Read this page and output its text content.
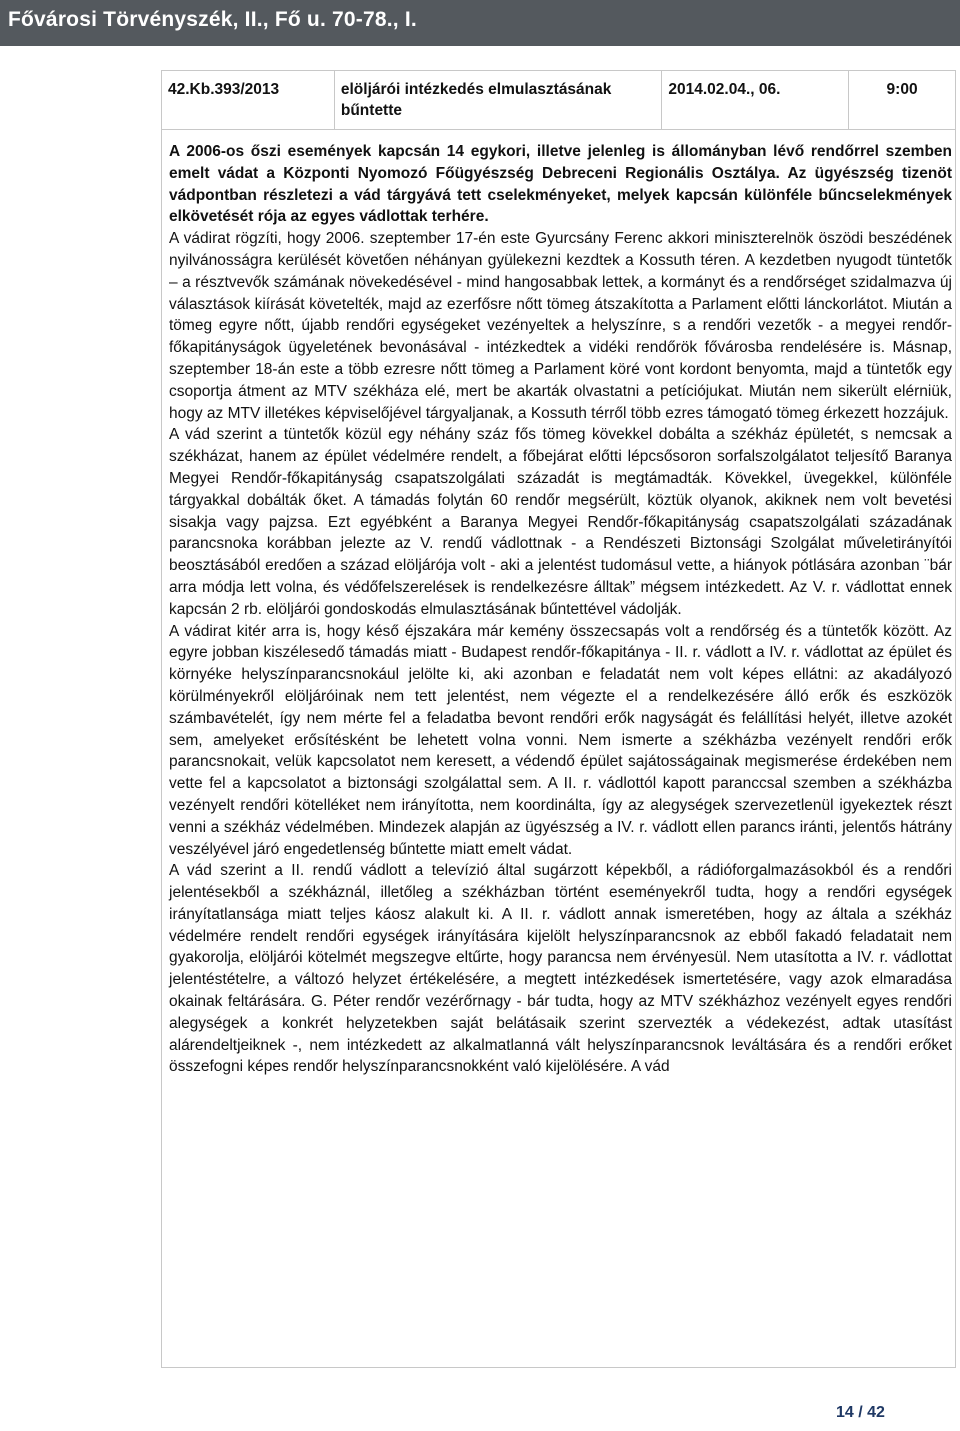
Fővárosi Törvényszék, II., Fő u. 70-78., I.
42.Kb.393/2013	elöljárói intézkedés elmulasztásának bűntette	2014.02.04., 06.	9:00

A 2006-os őszi események kapcsán 14 egykori, illetve jelenleg is állományban lévő rendőrrel szemben emelt vádat a Központi Nyomozó Főügyészség Debreceni Regionális Osztálya. Az ügyészség tizenöt vádpontban részletezi a vád tárgyává tett cselekményeket, melyek kapcsán különféle bűncselekmények elkövetését rója az egyes vádlottak terhére.

A vádirat rögzíti, hogy 2006. szeptember 17-én este Gyurcsány Ferenc akkori miniszterelnök öszödi beszédének nyilvánosságra kerülését követően néhányan gyülekezni kezdtek a Kossuth téren. A kezdetben nyugodt tüntetők – a résztvevők számának növekedésével - mind hangosabbak lettek, a kormányt és a rendőrséget szidalmazva új választások kiírását követelték, majd az ezerfősre nőtt tömeg átszakította a Parlament előtti lánckorlátot. Miután a tömeg egyre nőtt, újabb rendőri egységeket vezényeltek a helyszínre, s a rendőri vezetők - a megyei rendőr-főkapitányságok ügyeletének bevonásával - intézkedtek a vidéki rendőrök fővárosba rendelésére is. Másnap, szeptember 18-án este a több ezresre nőtt tömeg a Parlament köré vont kordont benyomta, majd a tüntetők egy csoportja átment az MTV székháza elé, mert be akarták olvastatni a petíciójukat. Miután nem sikerült elérniük, hogy az MTV illetékes képviselőjével tárgyaljanak, a Kossuth térről több ezres támogató tömeg érkezett hozzájuk.

A vád szerint a tüntetők közül egy néhány száz fős tömeg kövekkel dobálta a székház épületét, s nemcsak a székházat, hanem az épület védelmére rendelt, a főbejárat előtti lépcsősoron sorfalszolgálatot teljesítő Baranya Megyei Rendőr-főkapitányság csapatszolgálati századát is megtámadták. Kövekkel, üvegekkel, különféle tárgyakkal dobálták őket. A támadás folytán 60 rendőr megsérült, köztük olyanok, akiknek nem volt bevetési sisakja vagy pajzsa. Ezt egyébként a Baranya Megyei Rendőr-főkapitányság csapatszolgálati századának parancsnoka korábban jelezte az V. rendű vádlottnak - a Rendészeti Biztonsági Szolgálat műveletirányítói beosztásából eredően a század elöljárója volt - aki a jelentést tudomásul vette, a hiányok pótlására azonban ¨bár arra módja lett volna, és védőfelszerelések is rendelkezésre álltak” mégsem intézkedett. Az V. r. vádlottat ennek kapcsán 2 rb. elöljárói gondoskodás elmulasztásának bűntettével vádolják.

A vádirat kitér arra is, hogy késő éjszakára már kemény összecsapás volt a rendőrség és a tüntetők között. Az egyre jobban kiszélesedő támadás miatt - Budapest rendőr-főkapitánya - II. r. vádlott a IV. r. vádlottat az épület és környéke helyszínparancsnokául jelölte ki, aki azonban e feladatát nem volt képes ellátni: az akadályozó körülményekről elöljáróinak nem tett jelentést, nem végezte el a rendelkezésére álló erők és eszközök számbavételét, így nem mérte fel a feladatba bevont rendőri erők nagyságát és felállítási helyét, illetve azokét sem, amelyeket erősítésként be lehetett volna vonni. Nem ismerte a székházba vezényelt rendőri erők parancsnokait, velük kapcsolatot nem keresett, a védendő épület sajátosságainak megismerése érdekében nem vette fel a kapcsolatot a biztonsági szolgálattal sem. A II. r. vádlottól kapott paranccsal szemben a székházba vezényelt rendőri kötelléket nem irányította, nem koordinálta, így az alegységek szervezetlenül igyekeztek részt venni a székház védelmében. Mindezek alapján az ügyészség a IV. r. vádlott ellen parancs iránti, jelentős hátrány veszélyével járó engedetlenség bűntette miatt emelt vádat.

A vád szerint a II. rendű vádlott a televízió által sugárzott képekből, a rádióforgalmazásokból és a rendőri jelentésekből a székháznál, illetőleg a székházban történt eseményekről tudta, hogy a rendőri egységek irányítatlansága miatt teljes káosz alakult ki. A II. r. vádlott annak ismeretében, hogy az általa a székház védelmére rendelt rendőri egységek irányítására kijelölt helyszínparancsnok az ebből fakadó feladatait nem gyakorolja, elöljárói kötelmét megszegve eltűrte, hogy parancsa nem érvényesül. Nem utasította a IV. r. vádlottat jelentéstételre, a változó helyzet értékelésére, a megtett intézkedések ismertetésére, vagy azok elmaradása okainak feltárására. G. Péter rendőr vezérőrnagy - bár tudta, hogy az MTV székházhoz vezényelt egyes rendőri alegységek a konkrét helyzetekben saját belátásaik szerint szervezték a védekezést, adtak utasítást alárendeltjeiknek -, nem intézkedett az alkalmatlanná vált helyszínparancsnok leváltására és a rendőri erőket összefogni képes rendőr helyszínparancsnokként való kijelölésére. A vád

14 / 42
